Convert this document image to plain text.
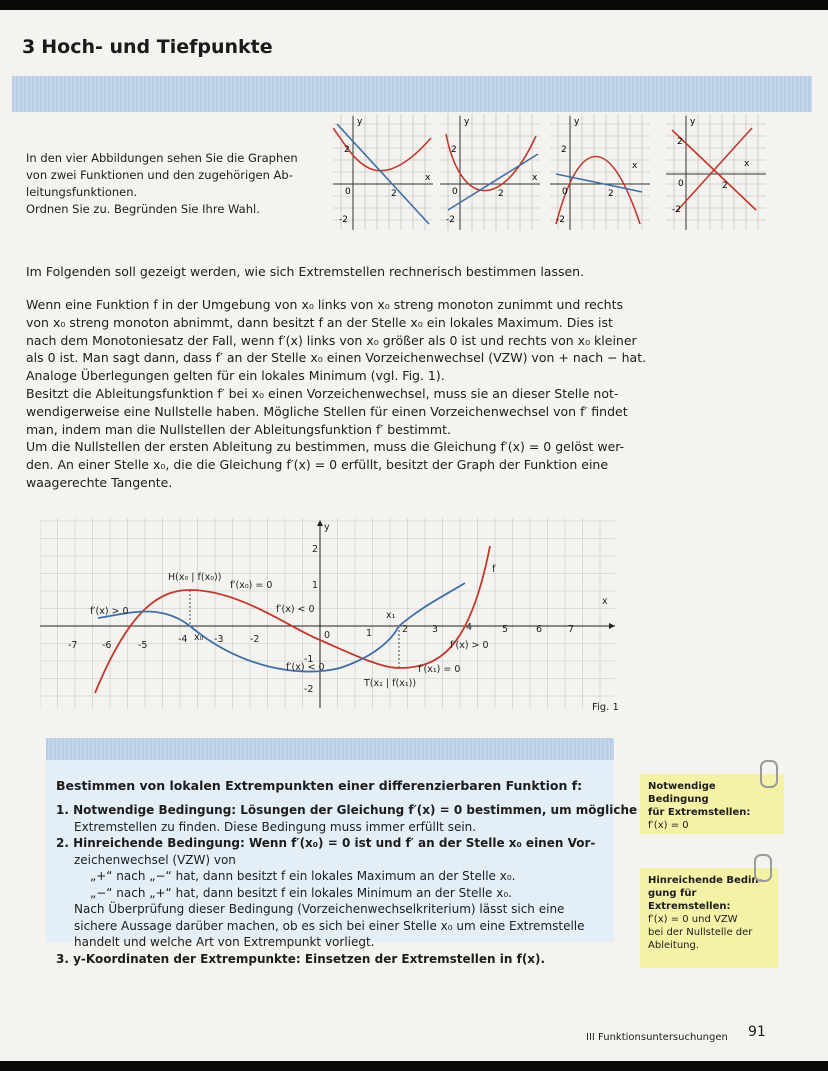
3 Hoch- und Tiefpunkte
In den vier Abbildungen sehen Sie die Graphen
von zwei Funktionen und den zugehörigen Ab-
leitungsfunktionen.
Ordnen Sie zu. Begründen Sie Ihre Wahl.
y
x
2
-2
2
0
y
x
2
-2
2
0
y
x
2
-2
2
0
y
x
2
-2
2
0
Im Folgenden soll gezeigt werden, wie sich Extremstellen rechnerisch bestimmen lassen.
Wenn eine Funktion f in der Umgebung von x₀ links von x₀ streng monoton zunimmt und rechts
von x₀ streng monoton abnimmt, dann besitzt f an der Stelle x₀ ein lokales Maximum. Dies ist
nach dem Monotoniesatz der Fall, wenn f′(x) links von x₀ größer als 0 ist und rechts von x₀ kleiner
als 0 ist. Man sagt dann, dass f′ an der Stelle x₀ einen Vorzeichenwechsel (VZW) von + nach − hat.
Analoge Überlegungen gelten für ein lokales Minimum (vgl. Fig. 1).
Besitzt die Ableitungsfunktion f′ bei x₀ einen Vorzeichenwechsel, muss sie an dieser Stelle not-
wendigerweise eine Nullstelle haben. Mögliche Stellen für einen Vorzeichenwechsel von f′ findet
man, indem man die Nullstellen der Ableitungsfunktion f′ bestimmt.
Um die Nullstellen der ersten Ableitung zu bestimmen, muss die Gleichung f′(x) = 0 gelöst wer-
den. An einer Stelle x₀, die die Gleichung f′(x) = 0 erfüllt, besitzt der Graph der Funktion eine
waagerechte Tangente.
y
x
0
f
-7	-6	-5
-4	-3	-2
1	2	3	4	5	6	7
2
1
-1
-2
H(x₀ | f(x₀))
f′(x₀) = 0
f′(x) > 0	f′(x) < 0
f′(x) < 0
f′(x) > 0
f′(x₁) = 0
T(x₁ | f(x₁))
x₀
x₁
Fig. 1
Bestimmen von lokalen Extrempunkten einer differenzierbaren Funktion f:
1. Notwendige Bedingung: Lösungen der Gleichung f′(x) = 0 bestimmen, um mögliche
Extremstellen zu finden. Diese Bedingung muss immer erfüllt sein.
2. Hinreichende Bedingung: Wenn f′(x₀) = 0 ist und f′ an der Stelle x₀ einen Vor-
zeichenwechsel (VZW) von
„+“ nach „−“ hat, dann besitzt f ein lokales Maximum an der Stelle x₀.
„−“ nach „+“ hat, dann besitzt f ein lokales Minimum an der Stelle x₀.
Nach Überprüfung dieser Bedingung (Vorzeichenwechselkriterium) lässt sich eine
sichere Aussage darüber machen, ob es sich bei einer Stelle x₀ um eine Extremstelle
handelt und welche Art von Extrempunkt vorliegt.
3. y-Koordinaten der Extrempunkte: Einsetzen der Extremstellen in f(x).
Notwendige Bedingung
für Extremstellen:
f′(x) = 0
Hinreichende Bedin-
gung für Extremstellen:
f′(x) = 0 und VZW
bei der Nullstelle der
Ableitung.
III Funktionsuntersuchungen 91
